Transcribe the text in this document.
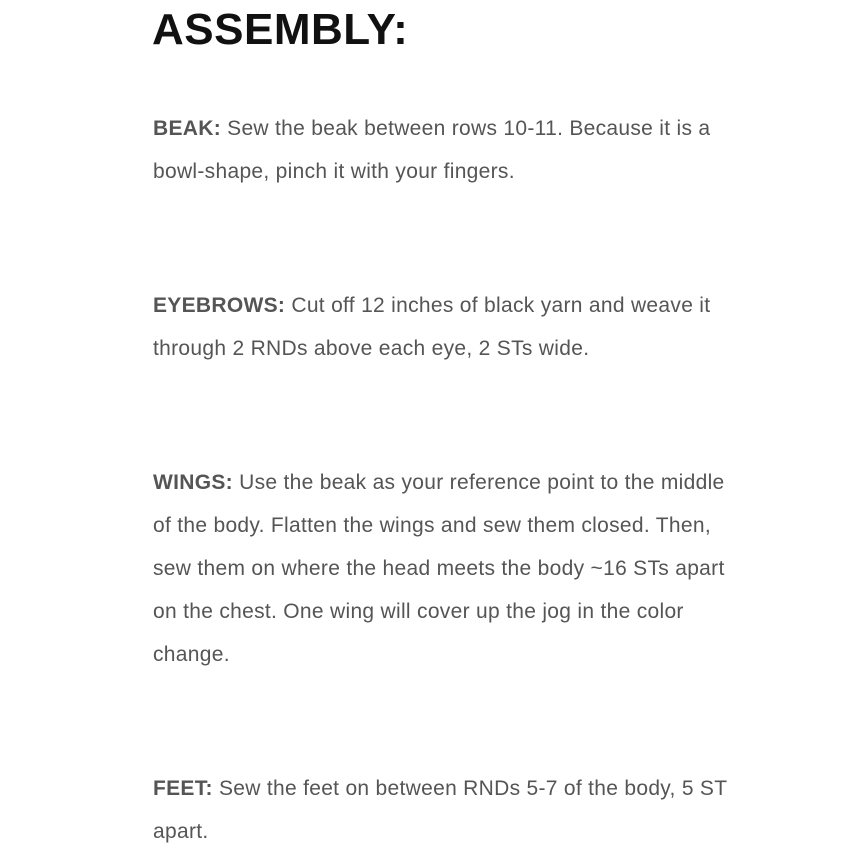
ASSEMBLY:

BEAK: Sew the beak between rows 10-11. Because it is a bowl-shape, pinch it with your fingers.

EYEBROWS: Cut off 12 inches of black yarn and weave it through 2 RNDs above each eye, 2 STs wide.

WINGS: Use the beak as your reference point to the middle of the body. Flatten the wings and sew them closed. Then, sew them on where the head meets the body ~16 STs apart on the chest. One wing will cover up the jog in the color change.

FEET: Sew the feet on between RNDs 5-7 of the body, 5 ST apart.
